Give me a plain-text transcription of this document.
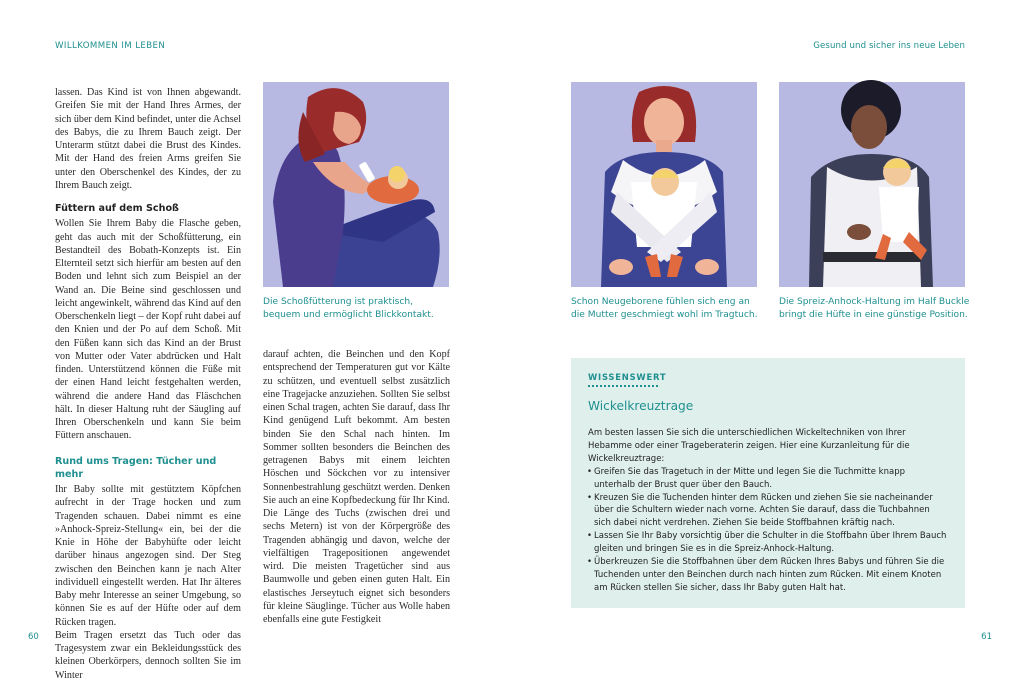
WILLKOMMEN IM LEBEN	Gesund und sicher ins neue Leben

lassen. Das Kind ist von Ihnen abgewandt. Greifen Sie mit der Hand Ihres Armes, der sich über dem Kind befindet, unter die Achsel des Babys, die zu Ihrem Bauch zeigt. Der Unterarm stützt dabei die Brust des Kindes. Mit der Hand des freien Arms greifen Sie unter den Oberschenkel des Kindes, der zu Ihrem Bauch zeigt.

Füttern auf dem Schoß

Wollen Sie Ihrem Baby die Flasche geben, geht das auch mit der Schoßfütterung, ein Bestandteil des Bobath-Konzepts ist. Ein Elternteil setzt sich hierfür am besten auf den Boden und lehnt sich zum Beispiel an der Wand an. Die Beine sind geschlossen und leicht angewinkelt, während das Kind auf den Oberschenkeln liegt – der Kopf ruht dabei auf den Knien und der Po auf dem Schoß. Mit den Füßen kann sich das Kind an der Brust von Mutter oder Vater abdrücken und Halt finden. Unterstützend können die Füße mit der einen Hand leicht festgehalten werden, während die andere Hand das Fläschchen hält. In dieser Haltung ruht der Säugling auf Ihren Oberschenkeln und kann Sie beim Füttern anschauen.

Rund ums Tragen: Tücher und mehr

Ihr Baby sollte mit gestütztem Köpfchen aufrecht in der Trage hocken und zum Tragenden schauen. Dabei nimmt es eine »Anhock-Spreiz-Stellung« ein, bei der die Knie in Höhe der Babyhüfte oder leicht darüber hinaus angezogen sind. Der Steg zwischen den Beinchen kann je nach Alter individuell eingestellt werden. Hat Ihr älteres Baby mehr Interesse an seiner Umgebung, so können Sie es auf der Hüfte oder auf dem Rücken tragen.

Beim Tragen ersetzt das Tuch oder das Tragesystem zwar ein Bekleidungsstück des kleinen Oberkörpers, dennoch sollten Sie im Winter

darauf achten, die Beinchen und den Kopf entsprechend der Temperaturen gut vor Kälte zu schützen, und eventuell selbst zusätzlich eine Tragejacke anzuziehen. Sollten Sie selbst einen Schal tragen, achten Sie darauf, dass Ihr Kind genügend Luft bekommt. Am besten binden Sie den Schal nach hinten. Im Sommer sollten besonders die Beinchen des getragenen Babys mit einem leichten Höschen und Söckchen vor zu intensiver Sonnenbestrahlung geschützt werden. Denken Sie auch an eine Kopfbedeckung für Ihr Kind.

Die Länge des Tuchs (zwischen drei und sechs Metern) ist von der Körpergröße des Tragenden abhängig und davon, welche der vielfältigen Tragepositionen angewendet wird. Die meisten Tragetücher sind aus Baumwolle und geben einen guten Halt. Ein elastisches Jerseytuch eignet sich besonders für kleine Säuglinge. Tücher aus Wolle haben ebenfalls eine gute Festigkeit

Die Schoßfütterung ist praktisch, bequem und ermöglicht Blickkontakt.
Schon Neugeborene fühlen sich eng an die Mutter geschmiegt wohl im Tragtuch.
Die Spreiz-Anhock-Haltung im Half Buckle bringt die Hüfte in eine günstige Position.
WISSENSWERT
Wickelkreuztrage

Am besten lassen Sie sich die unterschiedlichen Wickeltechniken von Ihrer Hebamme oder einer Trageberaterin zeigen. Hier eine Kurzanleitung für die Wickelkreuztrage:

• Greifen Sie das Tragetuch in der Mitte und legen Sie die Tuchmitte knapp unterhalb der Brust quer über den Bauch.
• Kreuzen Sie die Tuchenden hinter dem Rücken und ziehen Sie sie nacheinander über die Schultern wieder nach vorne. Achten Sie darauf, dass die Tuchbahnen sich dabei nicht verdrehen. Ziehen Sie beide Stoffbahnen kräftig nach.
• Lassen Sie Ihr Baby vorsichtig über die Schulter in die Stoffbahn über Ihrem Bauch gleiten und bringen Sie es in die Spreiz-Anhock-Haltung.
• Überkreuzen Sie die Stoffbahnen über dem Rücken Ihres Babys und führen Sie die Tuchenden unter den Beinchen durch nach hinten zum Rücken. Mit einem Knoten am Rücken stellen Sie sicher, dass Ihr Baby guten Halt hat.
60	61
